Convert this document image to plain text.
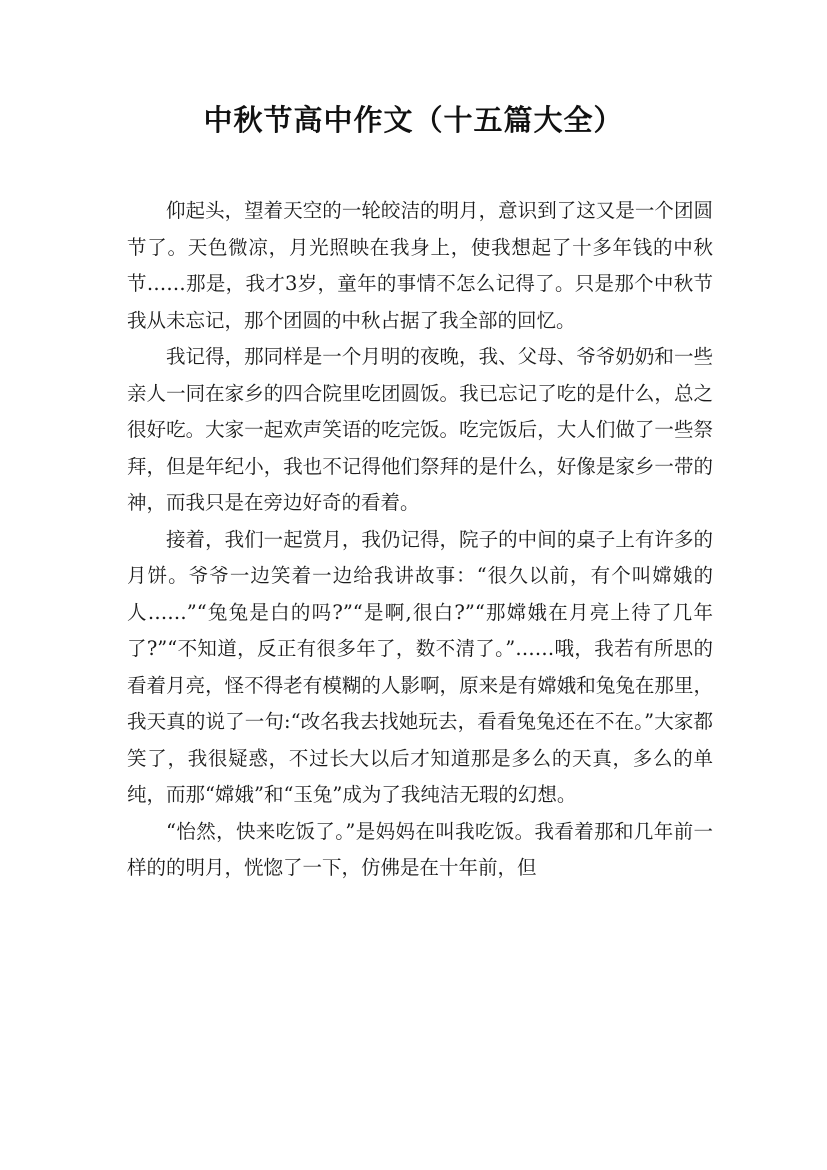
中秋节高中作文（十五篇大全）

仰起头，望着天空的一轮皎洁的明月，意识到了这又是一个团圆节了。天色微凉，月光照映在我身上，使我想起了十多年钱的中秋节……那是，我才3岁，童年的事情不怎么记得了。只是那个中秋节我从未忘记，那个团圆的中秋占据了我全部的回忆。

我记得，那同样是一个月明的夜晚，我、父母、爷爷奶奶和一些亲人一同在家乡的四合院里吃团圆饭。我已忘记了吃的是什么，总之很好吃。大家一起欢声笑语的吃完饭。吃完饭后，大人们做了一些祭拜，但是年纪小，我也不记得他们祭拜的是什么，好像是家乡一带的神，而我只是在旁边好奇的看着。

接着，我们一起赏月，我仍记得，院子的中间的桌子上有许多的月饼。爷爷一边笑着一边给我讲故事：“很久以前，有个叫嫦娥的人……”“兔兔是白的吗?”“是啊,很白?”“那嫦娥在月亮上待了几年了?”“不知道，反正有很多年了，数不清了。”……哦，我若有所思的看着月亮，怪不得老有模糊的人影啊，原来是有嫦娥和兔兔在那里，我天真的说了一句:“改名我去找她玩去，看看兔兔还在不在。”大家都笑了，我很疑惑，不过长大以后才知道那是多么的天真，多么的单纯，而那“嫦娥”和“玉兔”成为了我纯洁无瑕的幻想。

“怡然，快来吃饭了。”是妈妈在叫我吃饭。我看着那和几年前一样的的明月，恍惚了一下，仿佛是在十年前，但
